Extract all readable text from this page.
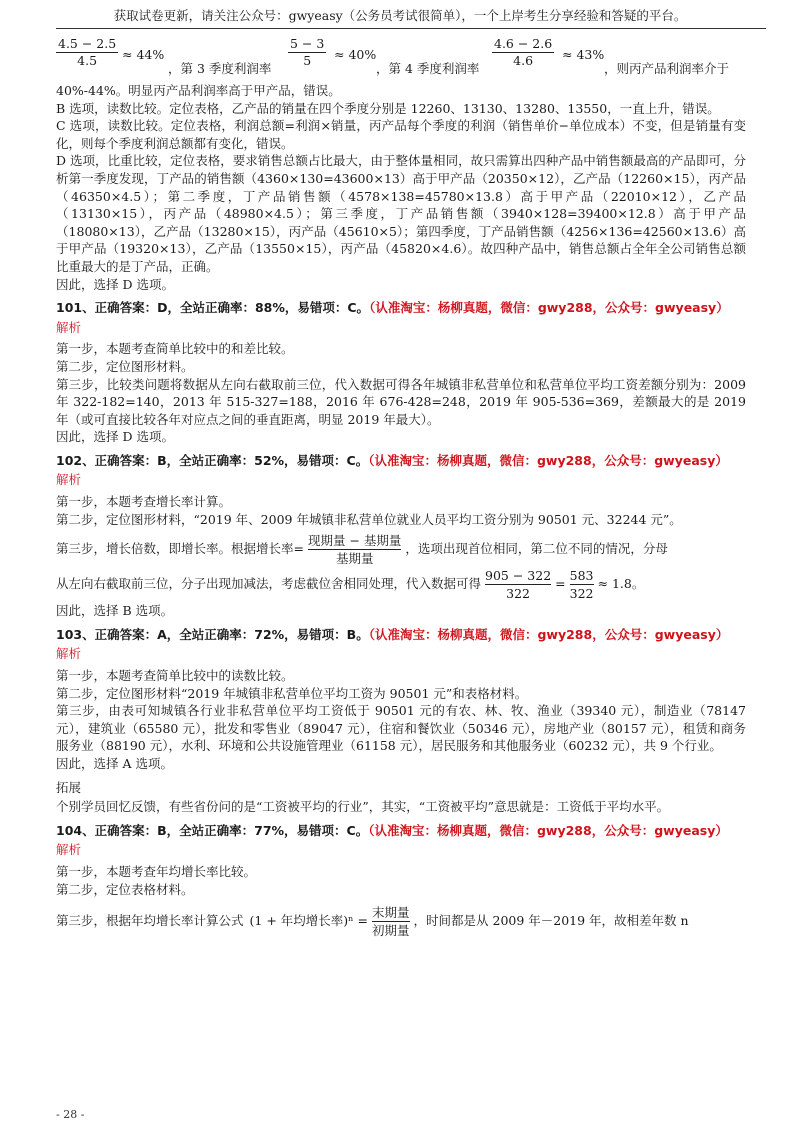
获取试卷更新，请关注公众号：gwyeasy（公务员考试很简单），一个上岸考生分享经验和答疑的平台。
$\frac{4.5 - 2.5}{4.5} \approx 44\%$
，第 3 季度利润率 $\frac{5 - 3}{5} \approx 40\%$
，第 4 季度利润率 $\frac{4.6 - 2.6}{4.6} \approx 43\%$
，则丙产品利润率介于

40%-44%。明显丙产品利润率高于甲产品，错误。

B 选项，读数比较。定位表格，乙产品的销量在四个季度分别是 12260、13130、13280、13550，一直上升，错误。

C 选项，读数比较。定位表格，利润总额=利润×销量，丙产品每个季度的利润（销售单价−单位成本）不变，但是销量有变化，则每个季度利润总额都有变化，错误。

D 选项，比重比较，定位表格，要求销售总额占比最大，由于整体量相同，故只需算出四种产品中销售额最高的产品即可，分析第一季度发现，丁产品的销售额（4360×130=43600×13）高于甲产品（20350×12），乙产品（12260×15），丙产品（46350×4.5）；第二季度，丁产品销售额（4578×138=45780×13.8）高于甲产品（22010×12），乙产品（13130×15），丙产品（48980×4.5）；第三季度，丁产品销售额（3940×128=39400×12.8）高于甲产品（18080×13），乙产品（13280×15），丙产品（45610×5）；第四季度，丁产品销售额（4256×136=42560×13.6）高于甲产品（19320×13），乙产品（13550×15），丙产品（45820×4.6）。故四种产品中，销售总额占全年全公司销售总额比重最大的是丁产品，正确。

因此，选择 D 选项。

101、正确答案：D，全站正确率：88%，易错项：C。（认准淘宝：杨柳真题，微信：gwy288，公众号：gwyeasy）
解析

第一步，本题考查简单比较中的和差比较。

第二步，定位图形材料。

第三步，比较类问题将数据从左向右截取前三位，代入数据可得各年城镇非私营单位和私营单位平均工资差额分别为：2009 年 322-182=140，2013 年 515-327=188，2016 年 676-428=248，2019 年 905-536=369，差额最大的是 2019 年（或可直接比较各年对应点之间的垂直距离，明显 2019 年最大）。

因此，选择 D 选项。

102、正确答案：B，全站正确率：52%，易错项：C。（认准淘宝：杨柳真题，微信：gwy288，公众号：gwyeasy）
解析

第一步，本题考查增长率计算。

第二步，定位图形材料，“2019 年、2009 年城镇非私营单位就业人员平均工资分别为 90501 元、32244 元”。

第三步，增长倍数，即增长率。根据增长率= $\frac{\text{现期量 − 基期量}}{\text{基期量}}$ ，选项出现首位相同，第二位不同的情况，分母

从左向右截取前三位，分子出现加减法，考虑截位舍相同处理，代入数据可得 $\frac{905 - 322}{322} = \frac{583}{322} \approx 1.8$。

因此，选择 B 选项。

103、正确答案：A，全站正确率：72%，易错项：B。（认准淘宝：杨柳真题，微信：gwy288，公众号：gwyeasy）
解析

第一步，本题考查简单比较中的读数比较。

第二步，定位图形材料“2019 年城镇非私营单位平均工资为 90501 元”和表格材料。

第三步，由表可知城镇各行业非私营单位平均工资低于 90501 元的有农、林、牧、渔业（39340 元），制造业（78147 元），建筑业（65580 元），批发和零售业（89047 元），住宿和餐饮业（50346 元），房地产业（80157 元），租赁和商务服务业（88190 元），水利、环境和公共设施管理业（61158 元），居民服务和其他服务业（60232 元），共 9 个行业。

因此，选择 A 选项。

拓展

个别学员回忆反馈，有些省份问的是“工资被平均的行业”，其实，“工资被平均”意思就是：工资低于平均水平。

104、正确答案：B，全站正确率：77%，易错项：C。（认准淘宝：杨柳真题，微信：gwy288，公众号：gwyeasy）
解析

第一步，本题考查年均增长率比较。

第二步，定位表格材料。

第三步，根据年均增长率计算公式 (1 + 年均增长率)$^n = \frac{\text{末期量}}{\text{初期量}}$ ，时间都是从 2009 年－2019 年，故相差年数 n

- 28 -
